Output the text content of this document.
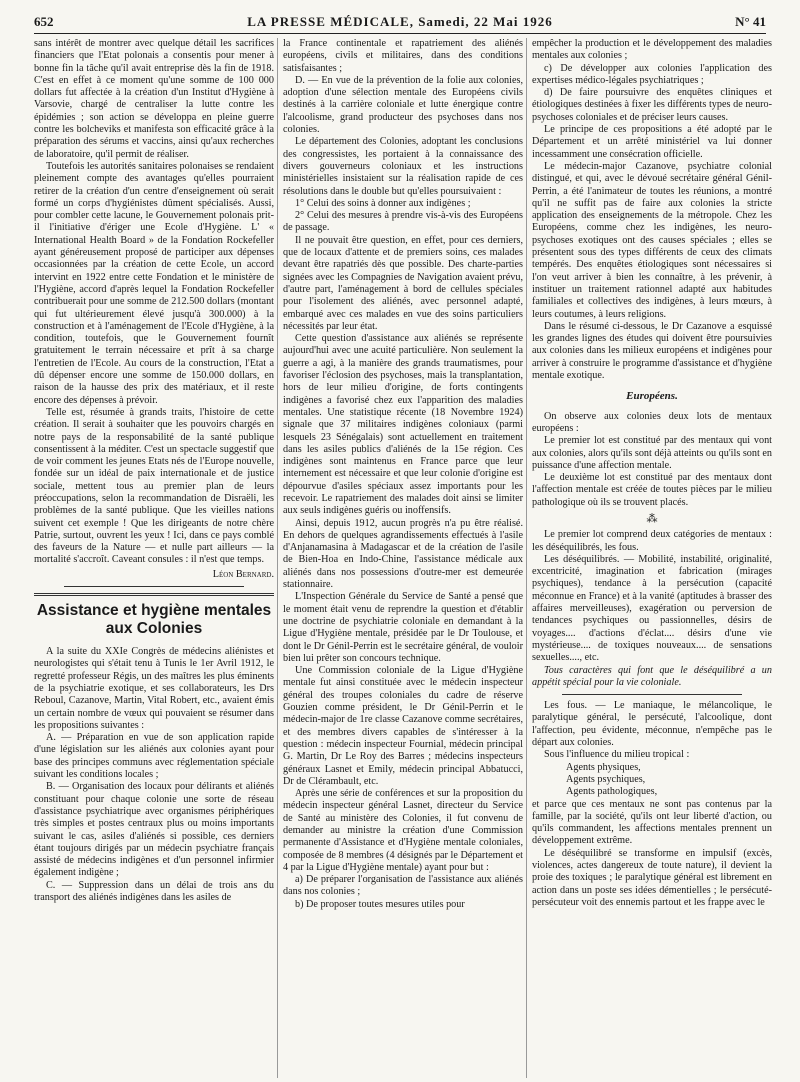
652	LA PRESSE MÉDICALE, Samedi, 22 Mai 1926	N° 41

sans intérêt de montrer avec quelque détail les sacrifices financiers que l'Etat polonais a consentis pour mener à bonne fin la tâche qu'il avait entreprise dès la fin de 1918. C'est en effet à ce moment qu'une somme de 100 000 dollars fut affectée à la création d'un Institut d'Hygiène à Varsovie, chargé de centraliser la lutte contre les épidémies ; son action se développa en pleine guerre contre les bolcheviks et manifesta son efficacité grâce à la préparation des sérums et vaccins, ainsi qu'aux recherches de laboratoire, qu'il permit de réaliser.

Toutefois les autorités sanitaires polonaises se rendaient pleinement compte des avantages qu'elles pourraient retirer de la création d'un centre d'enseignement où serait formé un corps d'hygiénistes dûment spécialisés. Aussi, pour combler cette lacune, le Gouvernement polonais prit-il l'initiative d'ériger une Ecole d'Hygiène. L' « International Health Board » de la Fondation Rockefeller ayant généreusement proposé de participer aux dépenses occasionnées par la création de cette Ecole, un accord intervint en 1922 entre cette Fondation et le ministère de l'Hygiène, accord d'après lequel la Fondation Rockefeller contribuerait pour une somme de 212.500 dollars (montant qui fut ultérieurement élevé jusqu'à 300.000) à la construction et à l'aménagement de l'Ecole d'Hygiène, à la condition, toutefois, que le Gouvernement fournît gratuitement le terrain nécessaire et prît à sa charge l'entretien de l'Ecole. Au cours de la construction, l'Etat a dû dépenser encore une somme de 150.000 dollars, en raison de la hausse des prix des matériaux, et il reste encore des dépenses à prévoir.

Telle est, résumée à grands traits, l'histoire de cette création. Il serait à souhaiter que les pouvoirs chargés en notre pays de la responsabilité de la santé publique consentissent à la méditer. C'est un spectacle suggestif que de voir comment les jeunes Etats nés de l'Europe nouvelle, fondée sur un idéal de paix internationale et de justice sociale, mettent tous au premier plan de leurs préoccupations, selon la recommandation de Disraëli, les problèmes de la santé publique. Que les vieilles nations suivent cet exemple ! Que les dirigeants de notre chère Patrie, surtout, ouvrent les yeux ! Ici, dans ce pays comblé des faveurs de la Nature — et nulle part ailleurs — la mortalité s'accroît. Caveant consules : il n'est que temps.

Léon Bernard.
Assistance et hygiène mentales aux Colonies

A la suite du XXIe Congrès de médecins aliénistes et neurologistes qui s'était tenu à Tunis le 1er Avril 1912, le regretté professeur Régis, un des maîtres les plus éminents de la psychiatrie exotique, et ses collaborateurs, les Drs Reboul, Cazanove, Martin, Vital Robert, etc., avaient émis un certain nombre de vœux qui pouvaient se résumer dans les propositions suivantes :

A. — Préparation en vue de son application rapide d'une législation sur les aliénés aux colonies ayant pour base des principes communs avec réglementation spéciale suivant les conditions locales ;

B. — Organisation des locaux pour délirants et aliénés constituant pour chaque colonie une sorte de réseau d'assistance psychiatrique avec organismes périphériques très simples et postes centraux plus ou moins importants suivant le cas, asiles d'aliénés si possible, ces derniers étant toujours dirigés par un médecin psychiatre français assisté de médecins indigènes et d'un personnel infirmier également indigène ;

C. — Suppression dans un délai de trois ans du transport des aliénés indigènes dans les asiles de

la France continentale et rapatriement des aliénés européens, civils et militaires, dans des conditions satisfaisantes ;

D. — En vue de la prévention de la folie aux colonies, adoption d'une sélection mentale des Européens civils destinés à la carrière coloniale et lutte énergique contre l'alcoolisme, grand producteur des psychoses dans nos colonies.

Le département des Colonies, adoptant les conclusions des congressistes, les portaient à la connaissance des divers gouverneurs coloniaux et les instructions ministérielles insistaient sur la réalisation rapide de ces résolutions dans le double but qu'elles poursuivaient :

1° Celui des soins à donner aux indigènes ;

2° Celui des mesures à prendre vis-à-vis des Européens de passage.

Il ne pouvait être question, en effet, pour ces derniers, que de locaux d'attente et de premiers soins, ces malades devant être rapatriés dès que possible. Des charte-parties signées avec les Compagnies de Navigation avaient prévu, d'autre part, l'aménagement à bord de cellules spéciales pour l'isolement des aliénés, avec personnel adapté, embarqué avec ces malades en vue des soins particuliers nécessités par leur état.

Cette question d'assistance aux aliénés se représente aujourd'hui avec une acuité particulière. Non seulement la guerre a agi, à la manière des grands traumatismes, pour favoriser l'éclosion des psychoses, mais la transplantation, hors de leur milieu d'origine, de forts contingents indigènes a favorisé chez eux l'apparition des maladies mentales. Une statistique récente (18 Novembre 1924) signale que 37 militaires indigènes coloniaux (parmi lesquels 23 Sénégalais) sont actuellement en traitement dans les asiles publics d'aliénés de la 15e région. Ces indigènes sont maintenus en France parce que leur internement est nécessaire et que leur colonie d'origine est dépourvue d'asiles spéciaux assez importants pour les recevoir. Le rapatriement des malades doit ainsi se limiter aux seuls indigènes guéris ou inoffensifs.

Ainsi, depuis 1912, aucun progrès n'a pu être réalisé. En dehors de quelques agrandissements effectués à l'asile d'Anjanamasina à Madagascar et de la création de l'asile de Bien-Hoa en Indo-Chine, l'assistance médicale aux aliénés dans nos possessions d'outre-mer est demeurée stationnaire.

L'Inspection Générale du Service de Santé a pensé que le moment était venu de reprendre la question et d'établir une doctrine de psychiatrie coloniale en demandant à la Ligue d'Hygiène mentale, présidée par le Dr Toulouse, et dont le Dr Génil-Perrin est le secrétaire général, de vouloir bien lui prêter son concours technique.

Une Commission coloniale de la Ligue d'Hygiène mentale fut ainsi constituée avec le médecin inspecteur général des troupes coloniales du cadre de réserve Gouzien comme président, le Dr Génil-Perrin et le médecin-major de 1re classe Cazanove comme secrétaires, et des membres divers capables de s'intéresser à la question : médecin inspecteur Fournial, médecin principal G. Martin, Dr Le Roy des Barres ; médecins inspecteurs généraux Lasnet et Emily, médecin principal Abbatucci, Dr de Clérambault, etc.

Après une série de conférences et sur la proposition du médecin inspecteur général Lasnet, directeur du Service de Santé au ministère des Colonies, il fut convenu de demander au ministre la création d'une Commission permanente d'Assistance et d'Hygiène mentale coloniales, composée de 8 membres (4 désignés par le Département et 4 par la Ligue d'Hygiène mentale) ayant pour but :

a) De préparer l'organisation de l'assistance aux aliénés dans nos colonies ;

b) De proposer toutes mesures utiles pour

empêcher la production et le développement des maladies mentales aux colonies ;

c) De développer aux colonies l'application des expertises médico-légales psychiatriques ;

d) De faire poursuivre des enquêtes cliniques et étiologiques destinées à fixer les différents types de neuro-psychoses coloniales et de préciser leurs causes.

Le principe de ces propositions a été adopté par le Département et un arrêté ministériel va lui donner incessamment une consécration officielle.

Le médecin-major Cazanove, psychiatre colonial distingué, et qui, avec le dévoué secrétaire général Génil-Perrin, a été l'animateur de toutes les réunions, a montré qu'il ne suffit pas de faire aux colonies la stricte application des enseignements de la métropole. Chez les Européens, comme chez les indigènes, les neuro-psychoses exotiques ont des causes spéciales ; elles se présentent sous des types différents de ceux des climats tempérés. Des enquêtes étiologiques sont nécessaires si l'on veut arriver à bien les connaître, à les prévenir, à instituer un traitement rationnel adapté aux habitudes familiales et collectives des indigènes, à leurs mœurs, à leurs coutumes, à leurs religions.

Dans le résumé ci-dessous, le Dr Cazanove a esquissé les grandes lignes des études qui doivent être poursuivies aux colonies dans les milieux européens et indigènes pour arriver à construire le programme d'assistance et d'hygiène mentale exotique.

Européens.

On observe aux colonies deux lots de mentaux européens :

Le premier lot est constitué par des mentaux qui vont aux colonies, alors qu'ils sont déjà atteints ou qu'ils sont en puissance d'une affection mentale.

Le deuxième lot est constitué par des mentaux dont l'affection mentale est créée de toutes pièces par le milieu pathologique où ils se trouvent placés.

⁂

Le premier lot comprend deux catégories de mentaux : les déséquilibrés, les fous.

Les déséquilibrés. — Mobilité, instabilité, originalité, excentricité, imagination et fabrication (mirages psychiques), tendance à la persécution (capacité méconnue en France) et à la vanité (aptitudes à brasser des affaires merveilleuses), exagération ou perversion de tendances psychiques ou passionnelles, désirs de voyages.... d'actions d'éclat.... désirs d'une vie mystérieuse.... de toxiques nouveaux.... de sensations sexuelles...., etc.

Tous caractères qui font que le déséquilibré a un appétit spécial pour la vie coloniale.

Les fous. — Le maniaque, le mélancolique, le paralytique général, le persécuté, l'alcoolique, dont l'affection, peu évidente, méconnue, n'empêche pas le départ aux colonies.

Sous l'influence du milieu tropical :

Agents physiques,

Agents psychiques,

Agents pathologiques,

et parce que ces mentaux ne sont pas contenus par la famille, par la société, qu'ils ont leur liberté d'action, ou qu'ils commandent, les affections mentales prennent un développement extrême.

Le déséquilibré se transforme en impulsif (excès, violences, actes dangereux de toute nature), il devient la proie des toxiques ; le paralytique général est librement en action dans un poste ses idées démentielles ; le persécuté-persécuteur voit des ennemis partout et les frappe avec le
